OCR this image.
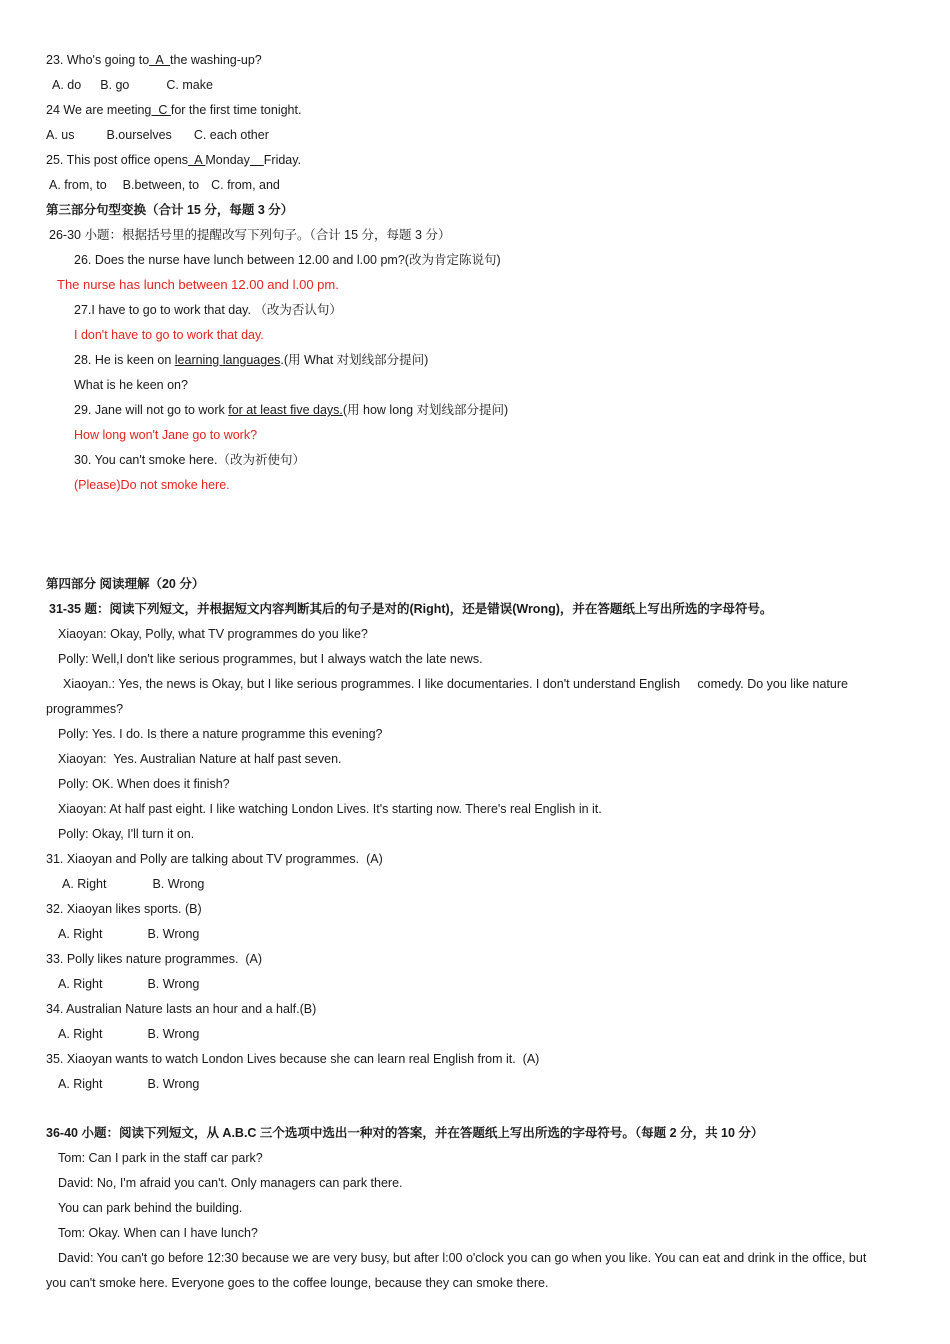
23. Who's going to  A  the washing-up?
A. do B. go	C. make
24 We are meeting  C for the first time tonight.
A. us	B.ourselves C. each other
25. This post office opens  A Monday Friday.
A. from, to B.between, to C. from, and
第三部分句型变换（合计 15 分，每题 3 分）
26-30 小题：根据括号里的提醒改写下列句子。（合计 15 分，每题 3 分）
26. Does the nurse have lunch between 12.00 and l.00 pm?(改为肯定陈说句)
The nurse has lunch between 12.00 and l.00 pm.
27.I have to go to work that day. （改为否认句）
I don't have to go to work that day.
28. He is keen on learning languages.(用 What 对划线部分提问)
What is he keen on?
29. Jane will not go to work for at least five days.(用 how long 对划线部分提问)
How long won't Jane go to work?
30. You can't smoke here.（改为祈使句）
(Please)Do not smoke here.
第四部分 阅读理解（20 分）
31-35 题：阅读下列短文，并根据短文内容判断其后的句子是对的(Right)，还是错误(Wrong)，并在答题纸上写出所选的字母符号。
Xiaoyan: Okay, Polly, what TV programmes do you like?
Polly: Well,I don't like serious programmes, but I always watch the late news.
Xiaoyan.: Yes, the news is Okay, but I like serious programmes. I like documentaries. I don't understand English     comedy. Do you like nature
programmes?
Polly: Yes. I do. Is there a nature programme this evening?
Xiaoyan:  Yes. Australian Nature at half past seven.
Polly: OK. When does it finish?
Xiaoyan: At half past eight. I like watching London Lives. It's starting now. There's real English in it.
Polly: Okay, I'll turn it on.
31. Xiaoyan and Polly are talking about TV programmes.  (A)
A. Right	B. Wrong
32. Xiaoyan likes sports. (B)
A. Right	B. Wrong
33. Polly likes nature programmes.  (A)
A. Right	B. Wrong
34. Australian Nature lasts an hour and a half.(B)
A. Right	B. Wrong
35. Xiaoyan wants to watch London Lives because she can learn real English from it.  (A)
A. Right	B. Wrong
36-40 小题：阅读下列短文，从 A.B.C 三个选项中选出一种对的答案，并在答题纸上写出所选的字母符号。（每题 2 分，共 10 分）
Tom: Can I park in the staff car park?
David: No, I'm afraid you can't. Only managers can park there.
You can park behind the building.
Tom: Okay. When can I have lunch?
David: You can't go before 12:30 because we are very busy, but after l:00 o'clock you can go when you like. You can eat and drink in the office, but
you can't smoke here. Everyone goes to the coffee lounge, because they can smoke there.
